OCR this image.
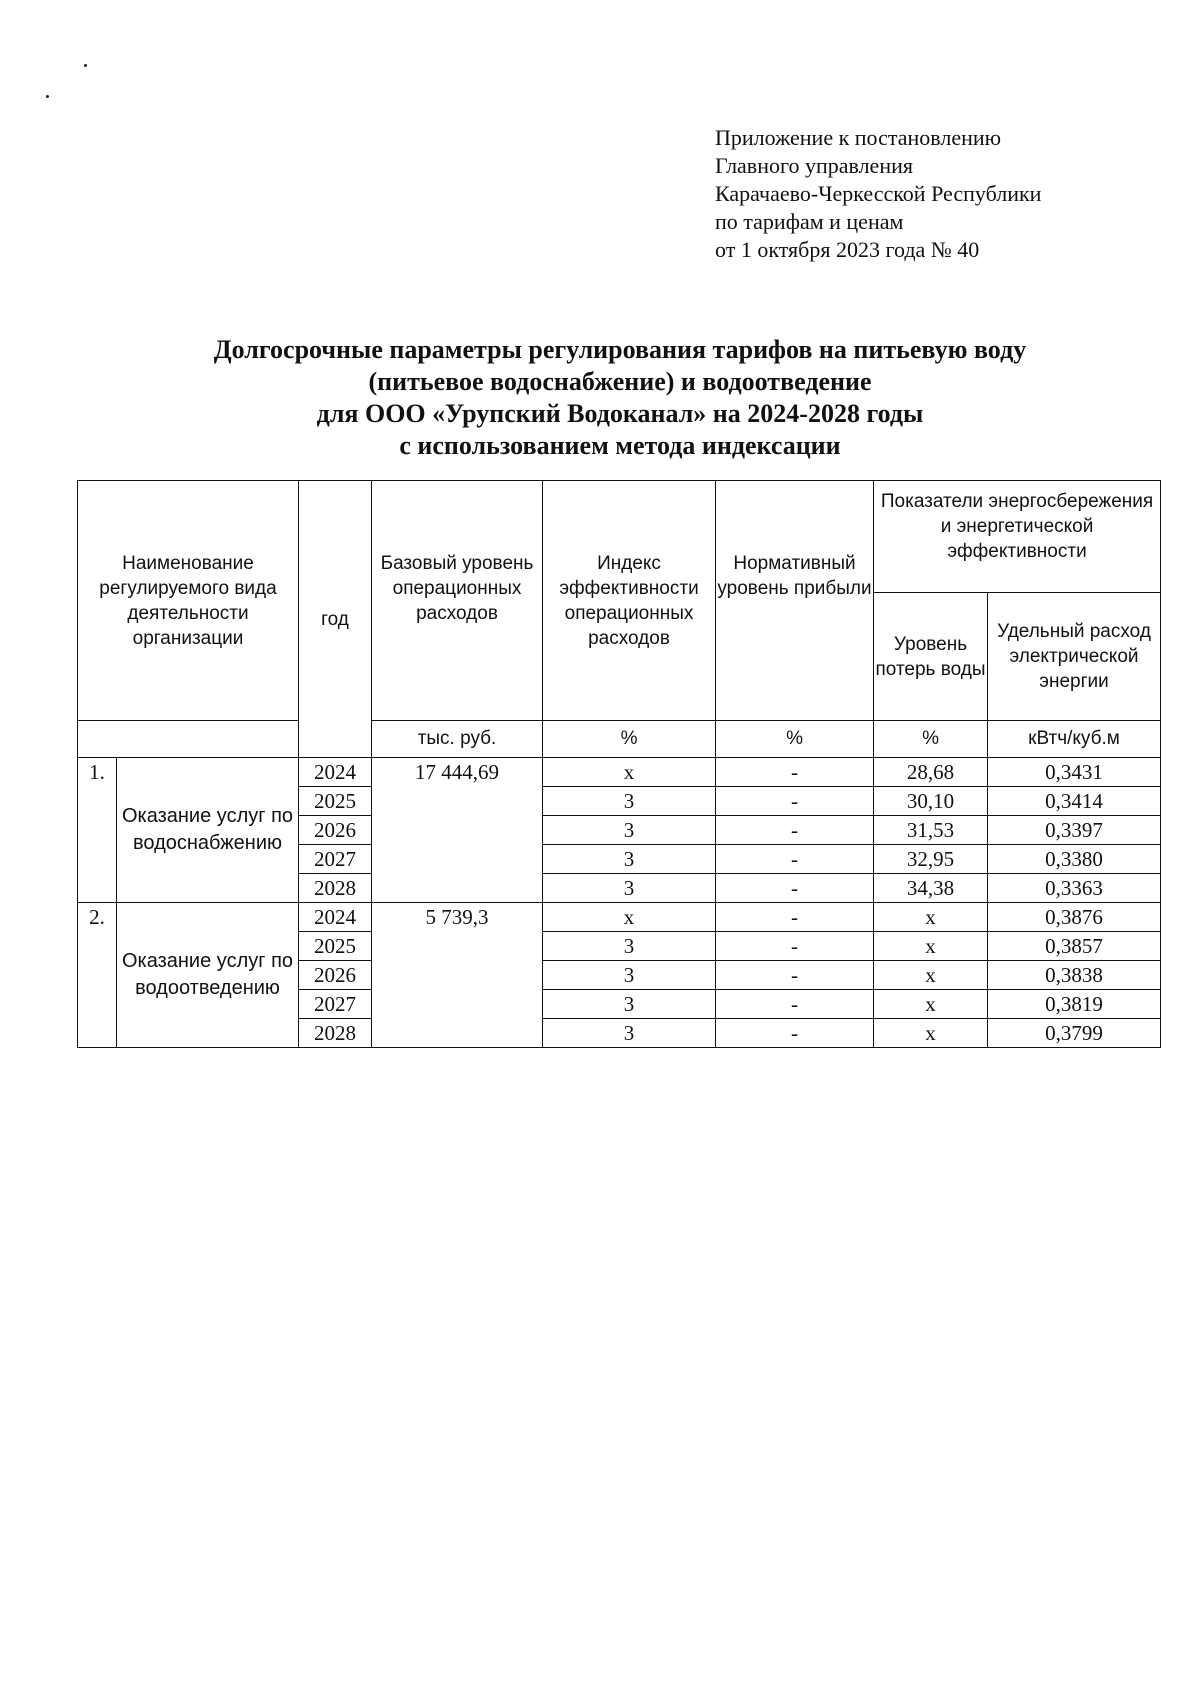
Приложение к постановлению
Главного управления
Карачаево-Черкесской Республики
по тарифам и ценам
от 1 октября 2023 года № 40
Долгосрочные параметры регулирования тарифов на питьевую воду
(питьевое водоснабжение) и водоотведение
для ООО «Урупский Водоканал» на 2024-2028 годы
с использованием метода индексации
Наименование регулируемого вида деятельности организации		год	Базовый уровень операционных расходов	Индекс эффективности операционных расходов	Нормативный уровень прибыли	Показатели энергосбережения и энергетической эффективности	
						Уровень потерь воды	Удельный расход электрической энергии
			тыс. руб.	%	%	%	кВтч/куб.м
1.	Оказание услуг по водоснабжению	2024	17 444,69	х	-	28,68	0,3431
		2025		3	-	30,10	0,3414
		2026		3	-	31,53	0,3397
		2027		3	-	32,95	0,3380
		2028		3	-	34,38	0,3363
2.	Оказание услуг по водоотведению	2024	5 739,3	х	-	х	0,3876
		2025		3	-	х	0,3857
		2026		3	-	х	0,3838
		2027		3	-	х	0,3819
		2028		3	-	х	0,3799
